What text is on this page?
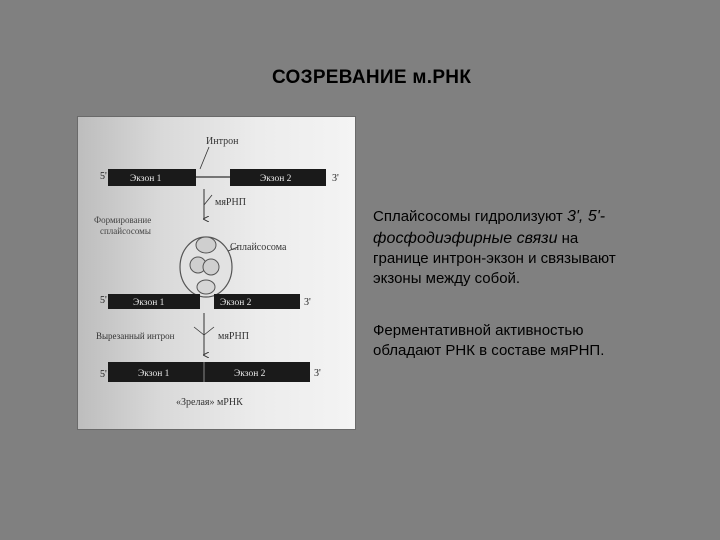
СОЗРЕВАНИЕ м.РНК
Интрон
5' Экзон 1	Экзон 2	3'
мяРНП
Формирование
сплайсосомы
Сплайсосома
5'	Экзон 1	Экзон 2	3'
Вырезанный интрон	мяРНП
5'	Экзон 1	Экзон 2	3'
«Зрелая» мРНК
Сплайсосомы гидролизуют 3', 5'-
фосфодиэфирные связи на
границе интрон-экзон и связывают
экзоны между собой.
Ферментативной активностью
обладают РНК в составе мяРНП.
